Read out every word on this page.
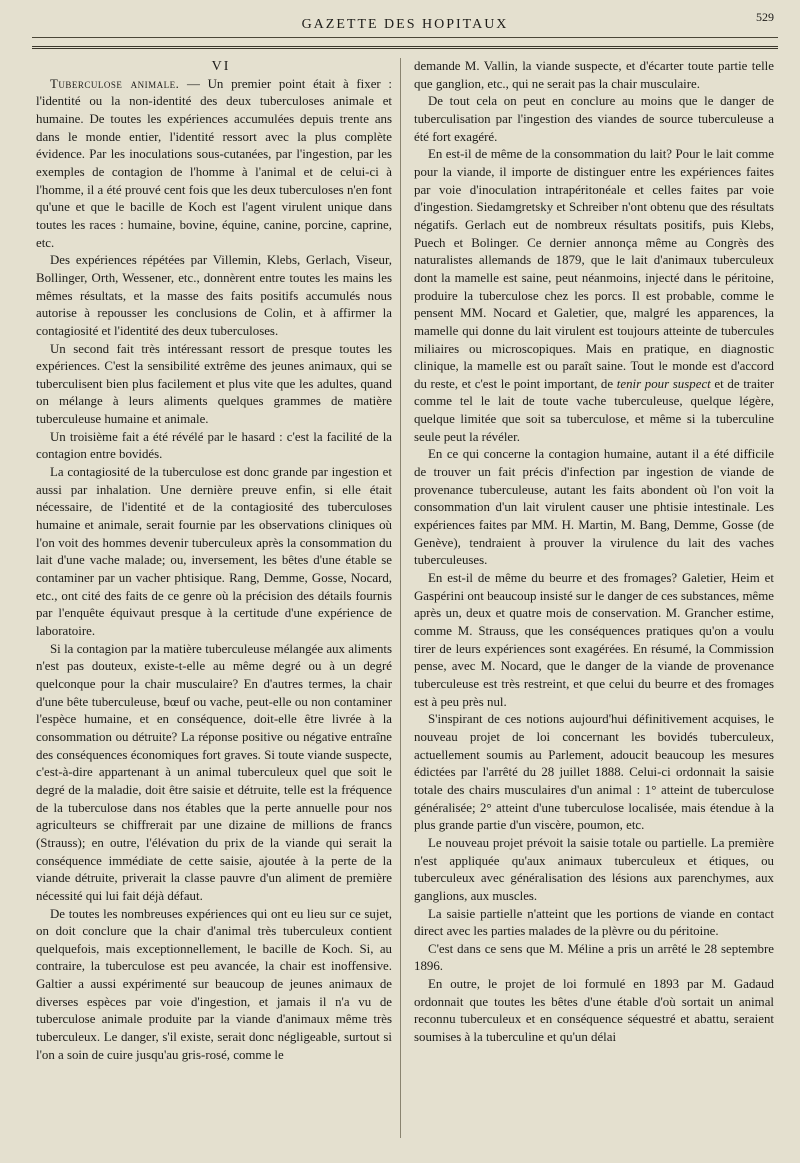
GAZETTE DES HOPITAUX	529

VI

Tuberculose animale. — Un premier point était à fixer : l'identité ou la non-identité des deux tuberculoses animale et humaine. De toutes les expériences accumulées depuis trente ans dans le monde entier, l'identité ressort avec la plus complète évidence. Par les inoculations sous-cutanées, par l'ingestion, par les exemples de contagion de l'homme à l'animal et de celui-ci à l'homme, il a été prouvé cent fois que les deux tuberculoses n'en font qu'une et que le bacille de Koch est l'agent virulent unique dans toutes les races : humaine, bovine, équine, canine, porcine, caprine, etc.

Des expériences répétées par Villemin, Klebs, Gerlach, Viseur, Bollinger, Orth, Wessener, etc., donnèrent entre toutes les mains les mêmes résultats, et la masse des faits positifs accumulés nous autorise à repousser les conclusions de Colin, et à affirmer la contagiosité et l'identité des deux tuberculoses.

Un second fait très intéressant ressort de presque toutes les expériences. C'est la sensibilité extrême des jeunes animaux, qui se tuberculisent bien plus facilement et plus vite que les adultes, quand on mélange à leurs aliments quelques grammes de matière tuberculeuse humaine et animale.

Un troisième fait a été révélé par le hasard : c'est la facilité de la contagion entre bovidés.

La contagiosité de la tuberculose est donc grande par ingestion et aussi par inhalation. Une dernière preuve enfin, si elle était nécessaire, de l'identité et de la contagiosité des tuberculoses humaine et animale, serait fournie par les observations cliniques où l'on voit des hommes devenir tuberculeux après la consommation du lait d'une vache malade; ou, inversement, les bêtes d'une étable se contaminer par un vacher phtisique. Rang, Demme, Gosse, Nocard, etc., ont cité des faits de ce genre où la précision des détails fournis par l'enquête équivaut presque à la certitude d'une expérience de laboratoire.

Si la contagion par la matière tuberculeuse mélangée aux aliments n'est pas douteux, existe-t-elle au même degré ou à un degré quelconque pour la chair musculaire? En d'autres termes, la chair d'une bête tuberculeuse, bœuf ou vache, peut-elle ou non contaminer l'espèce humaine, et en conséquence, doit-elle être livrée à la consommation ou détruite? La réponse positive ou négative entraîne des conséquences économiques fort graves. Si toute viande suspecte, c'est-à-dire appartenant à un animal tuberculeux quel que soit le degré de la maladie, doit être saisie et détruite, telle est la fréquence de la tuberculose dans nos étables que la perte annuelle pour nos agriculteurs se chiffrerait par une dizaine de millions de francs (Strauss); en outre, l'élévation du prix de la viande qui serait la conséquence immédiate de cette saisie, ajoutée à la perte de la viande détruite, priverait la classe pauvre d'un aliment de première nécessité qui lui fait déjà défaut.

De toutes les nombreuses expériences qui ont eu lieu sur ce sujet, on doit conclure que la chair d'animal très tuberculeux contient quelquefois, mais exceptionnellement, le bacille de Koch. Si, au contraire, la tuberculose est peu avancée, la chair est inoffensive. Galtier a aussi expérimenté sur beaucoup de jeunes animaux de diverses espèces par voie d'ingestion, et jamais il n'a vu de tuberculose animale produite par la viande d'animaux même très tuberculeux. Le danger, s'il existe, serait donc négligeable, surtout si l'on a soin de cuire jusqu'au gris-rosé, comme le

demande M. Vallin, la viande suspecte, et d'écarter toute partie telle que ganglion, etc., qui ne serait pas la chair musculaire.

De tout cela on peut en conclure au moins que le danger de tuberculisation par l'ingestion des viandes de source tuberculeuse a été fort exagéré.

En est-il de même de la consommation du lait? Pour le lait comme pour la viande, il importe de distinguer entre les expériences faites par voie d'inoculation intrapéritonéale et celles faites par voie d'ingestion. Siedamgretsky et Schreiber n'ont obtenu que des résultats négatifs. Gerlach eut de nombreux résultats positifs, puis Klebs, Puech et Bolinger. Ce dernier annonça même au Congrès des naturalistes allemands de 1879, que le lait d'animaux tuberculeux dont la mamelle est saine, peut néanmoins, injecté dans le péritoine, produire la tuberculose chez les porcs. Il est probable, comme le pensent MM. Nocard et Galetier, que, malgré les apparences, la mamelle qui donne du lait virulent est toujours atteinte de tubercules miliaires ou microscopiques. Mais en pratique, en diagnostic clinique, la mamelle est ou paraît saine. Tout le monde est d'accord du reste, et c'est le point important, de tenir pour suspect et de traiter comme tel le lait de toute vache tuberculeuse, quelque légère, quelque limitée que soit sa tuberculose, et même si la tuberculine seule peut la révéler.

En ce qui concerne la contagion humaine, autant il a été difficile de trouver un fait précis d'infection par ingestion de viande de provenance tuberculeuse, autant les faits abondent où l'on voit la consommation d'un lait virulent causer une phtisie intestinale. Les expériences faites par MM. H. Martin, M. Bang, Demme, Gosse (de Genève), tendraient à prouver la virulence du lait des vaches tuberculeuses.

En est-il de même du beurre et des fromages? Galetier, Heim et Gaspérini ont beaucoup insisté sur le danger de ces substances, même après un, deux et quatre mois de conservation. M. Grancher estime, comme M. Strauss, que les conséquences pratiques qu'on a voulu tirer de leurs expériences sont exagérées. En résumé, la Commission pense, avec M. Nocard, que le danger de la viande de provenance tuberculeuse est très restreint, et que celui du beurre et des fromages est à peu près nul.

S'inspirant de ces notions aujourd'hui définitivement acquises, le nouveau projet de loi concernant les bovidés tuberculeux, actuellement soumis au Parlement, adoucit beaucoup les mesures édictées par l'arrêté du 28 juillet 1888. Celui-ci ordonnait la saisie totale des chairs musculaires d'un animal : 1° atteint de tuberculose généralisée; 2° atteint d'une tuberculose localisée, mais étendue à la plus grande partie d'un viscère, poumon, etc.

Le nouveau projet prévoit la saisie totale ou partielle. La première n'est appliquée qu'aux animaux tuberculeux et étiques, ou tuberculeux avec généralisation des lésions aux parenchymes, aux ganglions, aux muscles.

La saisie partielle n'atteint que les portions de viande en contact direct avec les parties malades de la plèvre ou du péritoine.

C'est dans ce sens que M. Méline a pris un arrêté le 28 septembre 1896.

En outre, le projet de loi formulé en 1893 par M. Gadaud ordonnait que toutes les bêtes d'une étable d'où sortait un animal reconnu tuberculeux et en conséquence séquestré et abattu, seraient soumises à la tuberculine et qu'un délai
